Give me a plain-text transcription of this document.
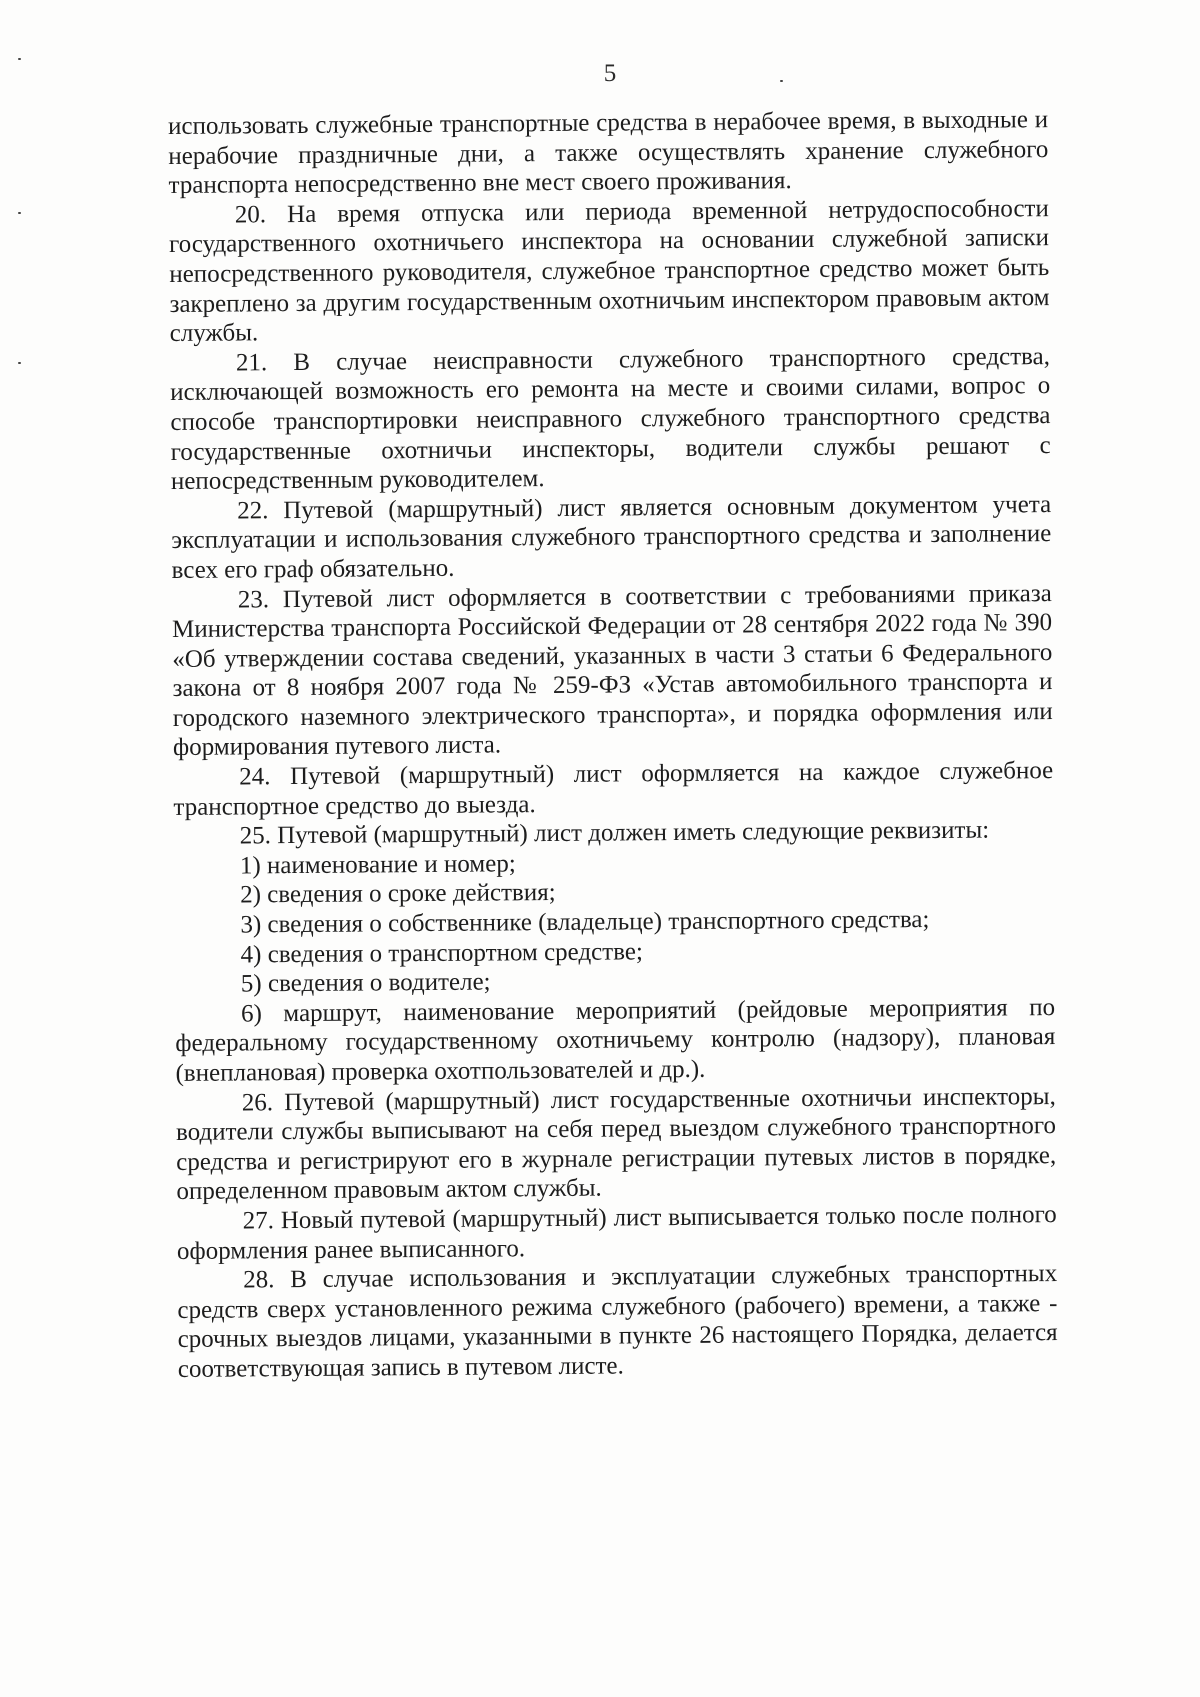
5

использовать служебные транспортные средства в нерабочее время, в выходные и нерабочие праздничные дни, а также осуществлять хранение служебного транспорта непосредственно вне мест своего проживания.

20. На время отпуска или периода временной нетрудоспособности государственного охотничьего инспектора на основании служебной записки непосредственного руководителя, служебное транспортное средство может быть закреплено за другим государственным охотничьим инспектором правовым актом службы.

21. В случае неисправности служебного транспортного средства, исключающей возможность его ремонта на месте и своими силами, вопрос о способе транспортировки неисправного служебного транспортного средства государственные охотничьи инспекторы, водители службы решают с непосредственным руководителем.

22. Путевой (маршрутный) лист является основным документом учета эксплуатации и использования служебного транспортного средства и заполнение всех его граф обязательно.

23. Путевой лист оформляется в соответствии с требованиями приказа Министерства транспорта Российской Федерации от 28 сентября 2022 года № 390 «Об утверждении состава сведений, указанных в части 3 статьи 6 Федерального закона от 8 ноября 2007 года № 259-ФЗ «Устав автомобильного транспорта и городского наземного электрического транспорта», и порядка оформления или формирования путевого листа.

24. Путевой (маршрутный) лист оформляется на каждое служебное транспортное средство до выезда.

25. Путевой (маршрутный) лист должен иметь следующие реквизиты:

1) наименование и номер;

2) сведения о сроке действия;

3) сведения о собственнике (владельце) транспортного средства;

4) сведения о транспортном средстве;

5) сведения о водителе;

6) маршрут, наименование мероприятий (рейдовые мероприятия по федеральному государственному охотничьему контролю (надзору), плановая (внеплановая) проверка охотпользователей и др.).

26. Путевой (маршрутный) лист государственные охотничьи инспекторы, водители службы выписывают на себя перед выездом служебного транспортного средства и регистрируют его в журнале регистрации путевых листов в порядке, определенном правовым актом службы.

27. Новый путевой (маршрутный) лист выписывается только после полного оформления ранее выписанного.

28. В случае использования и эксплуатации служебных транспортных средств сверх установленного режима служебного (рабочего) времени, а также - срочных выездов лицами, указанными в пункте 26 настоящего Порядка, делается соответствующая запись в путевом листе.
